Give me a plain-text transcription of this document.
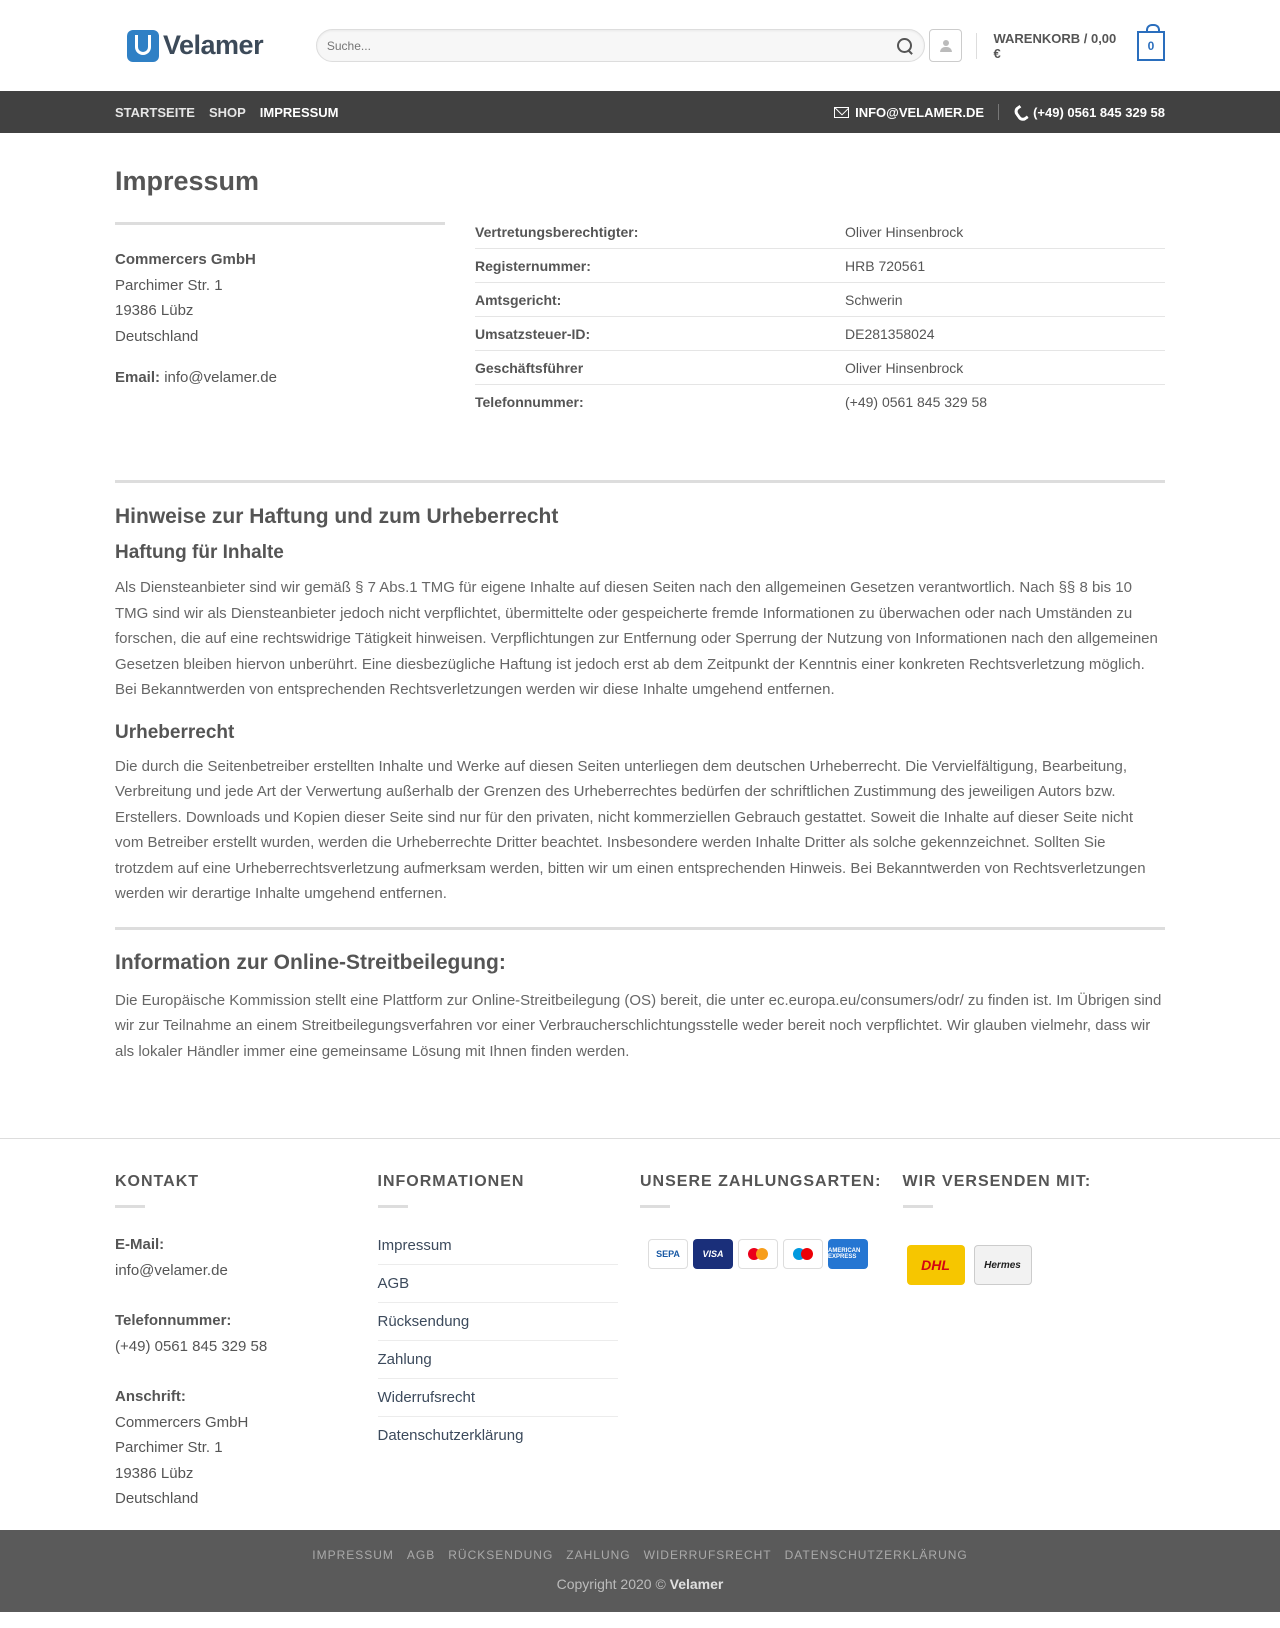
Velamer
Suche...	WARENKORB / 0,00 €	0
STARTSEITE SHOP IMPRESSUM	INFO@VELAMER.DE	(+49) 0561 845 329 58
Impressum
Commercers GmbH
Parchimer Str. 1
19386 Lübz
Deutschland
Email: info@velamer.de
Vertretungsberechtigter:	Oliver Hinsenbrock
Registernummer:	HRB 720561
Amtsgericht:	Schwerin
Umsatzsteuer-ID:	DE281358024
Geschäftsführer	Oliver Hinsenbrock
Telefonnummer:	(+49) 0561 845 329 58
Hinweise zur Haftung und zum Urheberrecht
Haftung für Inhalte

Als Diensteanbieter sind wir gemäß § 7 Abs.1 TMG für eigene Inhalte auf diesen Seiten nach den allgemeinen Gesetzen verantwortlich. Nach §§ 8 bis 10 TMG sind wir als Diensteanbieter jedoch nicht verpflichtet, übermittelte oder gespeicherte fremde Informationen zu überwachen oder nach Umständen zu forschen, die auf eine rechtswidrige Tätigkeit hinweisen. Verpflichtungen zur Entfernung oder Sperrung der Nutzung von Informationen nach den allgemeinen Gesetzen bleiben hiervon unberührt. Eine diesbezügliche Haftung ist jedoch erst ab dem Zeitpunkt der Kenntnis einer konkreten Rechtsverletzung möglich. Bei Bekanntwerden von entsprechenden Rechtsverletzungen werden wir diese Inhalte umgehend entfernen.

Urheberrecht

Die durch die Seitenbetreiber erstellten Inhalte und Werke auf diesen Seiten unterliegen dem deutschen Urheberrecht. Die Vervielfältigung, Bearbeitung, Verbreitung und jede Art der Verwertung außerhalb der Grenzen des Urheberrechtes bedürfen der schriftlichen Zustimmung des jeweiligen Autors bzw. Erstellers. Downloads und Kopien dieser Seite sind nur für den privaten, nicht kommerziellen Gebrauch gestattet. Soweit die Inhalte auf dieser Seite nicht vom Betreiber erstellt wurden, werden die Urheberrechte Dritter beachtet. Insbesondere werden Inhalte Dritter als solche gekennzeichnet. Sollten Sie trotzdem auf eine Urheberrechtsverletzung aufmerksam werden, bitten wir um einen entsprechenden Hinweis. Bei Bekanntwerden von Rechtsverletzungen werden wir derartige Inhalte umgehend entfernen.

Information zur Online-Streitbeilegung:

Die Europäische Kommission stellt eine Plattform zur Online-Streitbeilegung (OS) bereit, die unter ec.europa.eu/consumers/odr/ zu finden ist. Im Übrigen sind wir zur Teilnahme an einem Streitbeilegungsverfahren vor einer Verbraucherschlichtungsstelle weder bereit noch verpflichtet. Wir glauben vielmehr, dass wir als lokaler Händler immer eine gemeinsame Lösung mit Ihnen finden werden.

KONTAKT
E-Mail:
info@velamer.de
Telefonnummer:
(+49) 0561 845 329 58
Anschrift:
Commercers GmbH
Parchimer Str. 1
19386 Lübz
Deutschland
INFORMATIONEN
Impressum
AGB
Rücksendung
Zahlung
Widerrufsrecht
Datenschutzerklärung
UNSERE ZAHLUNGSARTEN:
SEPA	VISA	AMERICAN EXPRESS
WIR VERSENDEN MIT:
DHL	Hermes
IMPRESSUM AGB RÜCKSENDUNG ZAHLUNG WIDERRUFSRECHT DATENSCHUTZERKLÄRUNG
Copyright 2020 © Velamer
